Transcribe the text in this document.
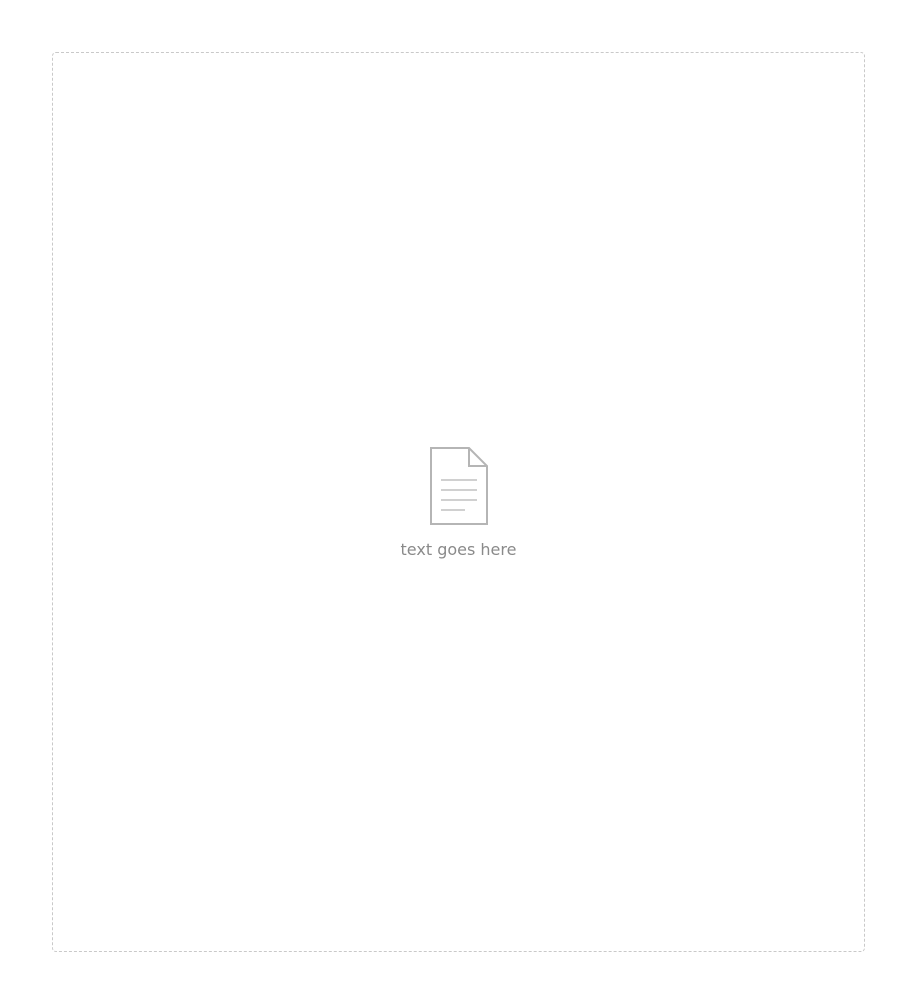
text goes here
